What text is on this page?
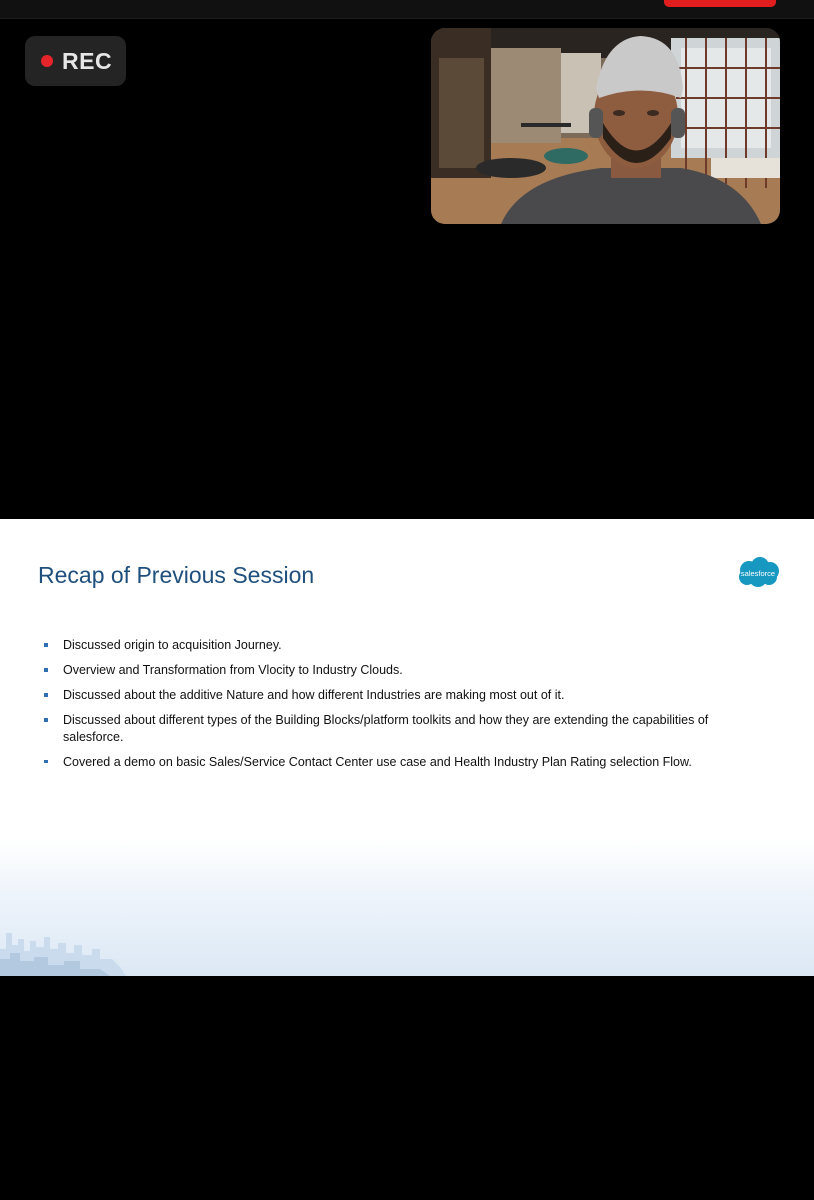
REC
Recap of Previous Session	salesforce
Discussed origin to acquisition Journey.
Overview and Transformation from Vlocity to Industry Clouds.
Discussed about the additive Nature and how different Industries are making most out of it.
Discussed about different types of the Building Blocks/platform toolkits and how they are extending the capabilities of salesforce.
Covered a demo on basic Sales/Service Contact Center use case and Health Industry Plan Rating selection Flow.
